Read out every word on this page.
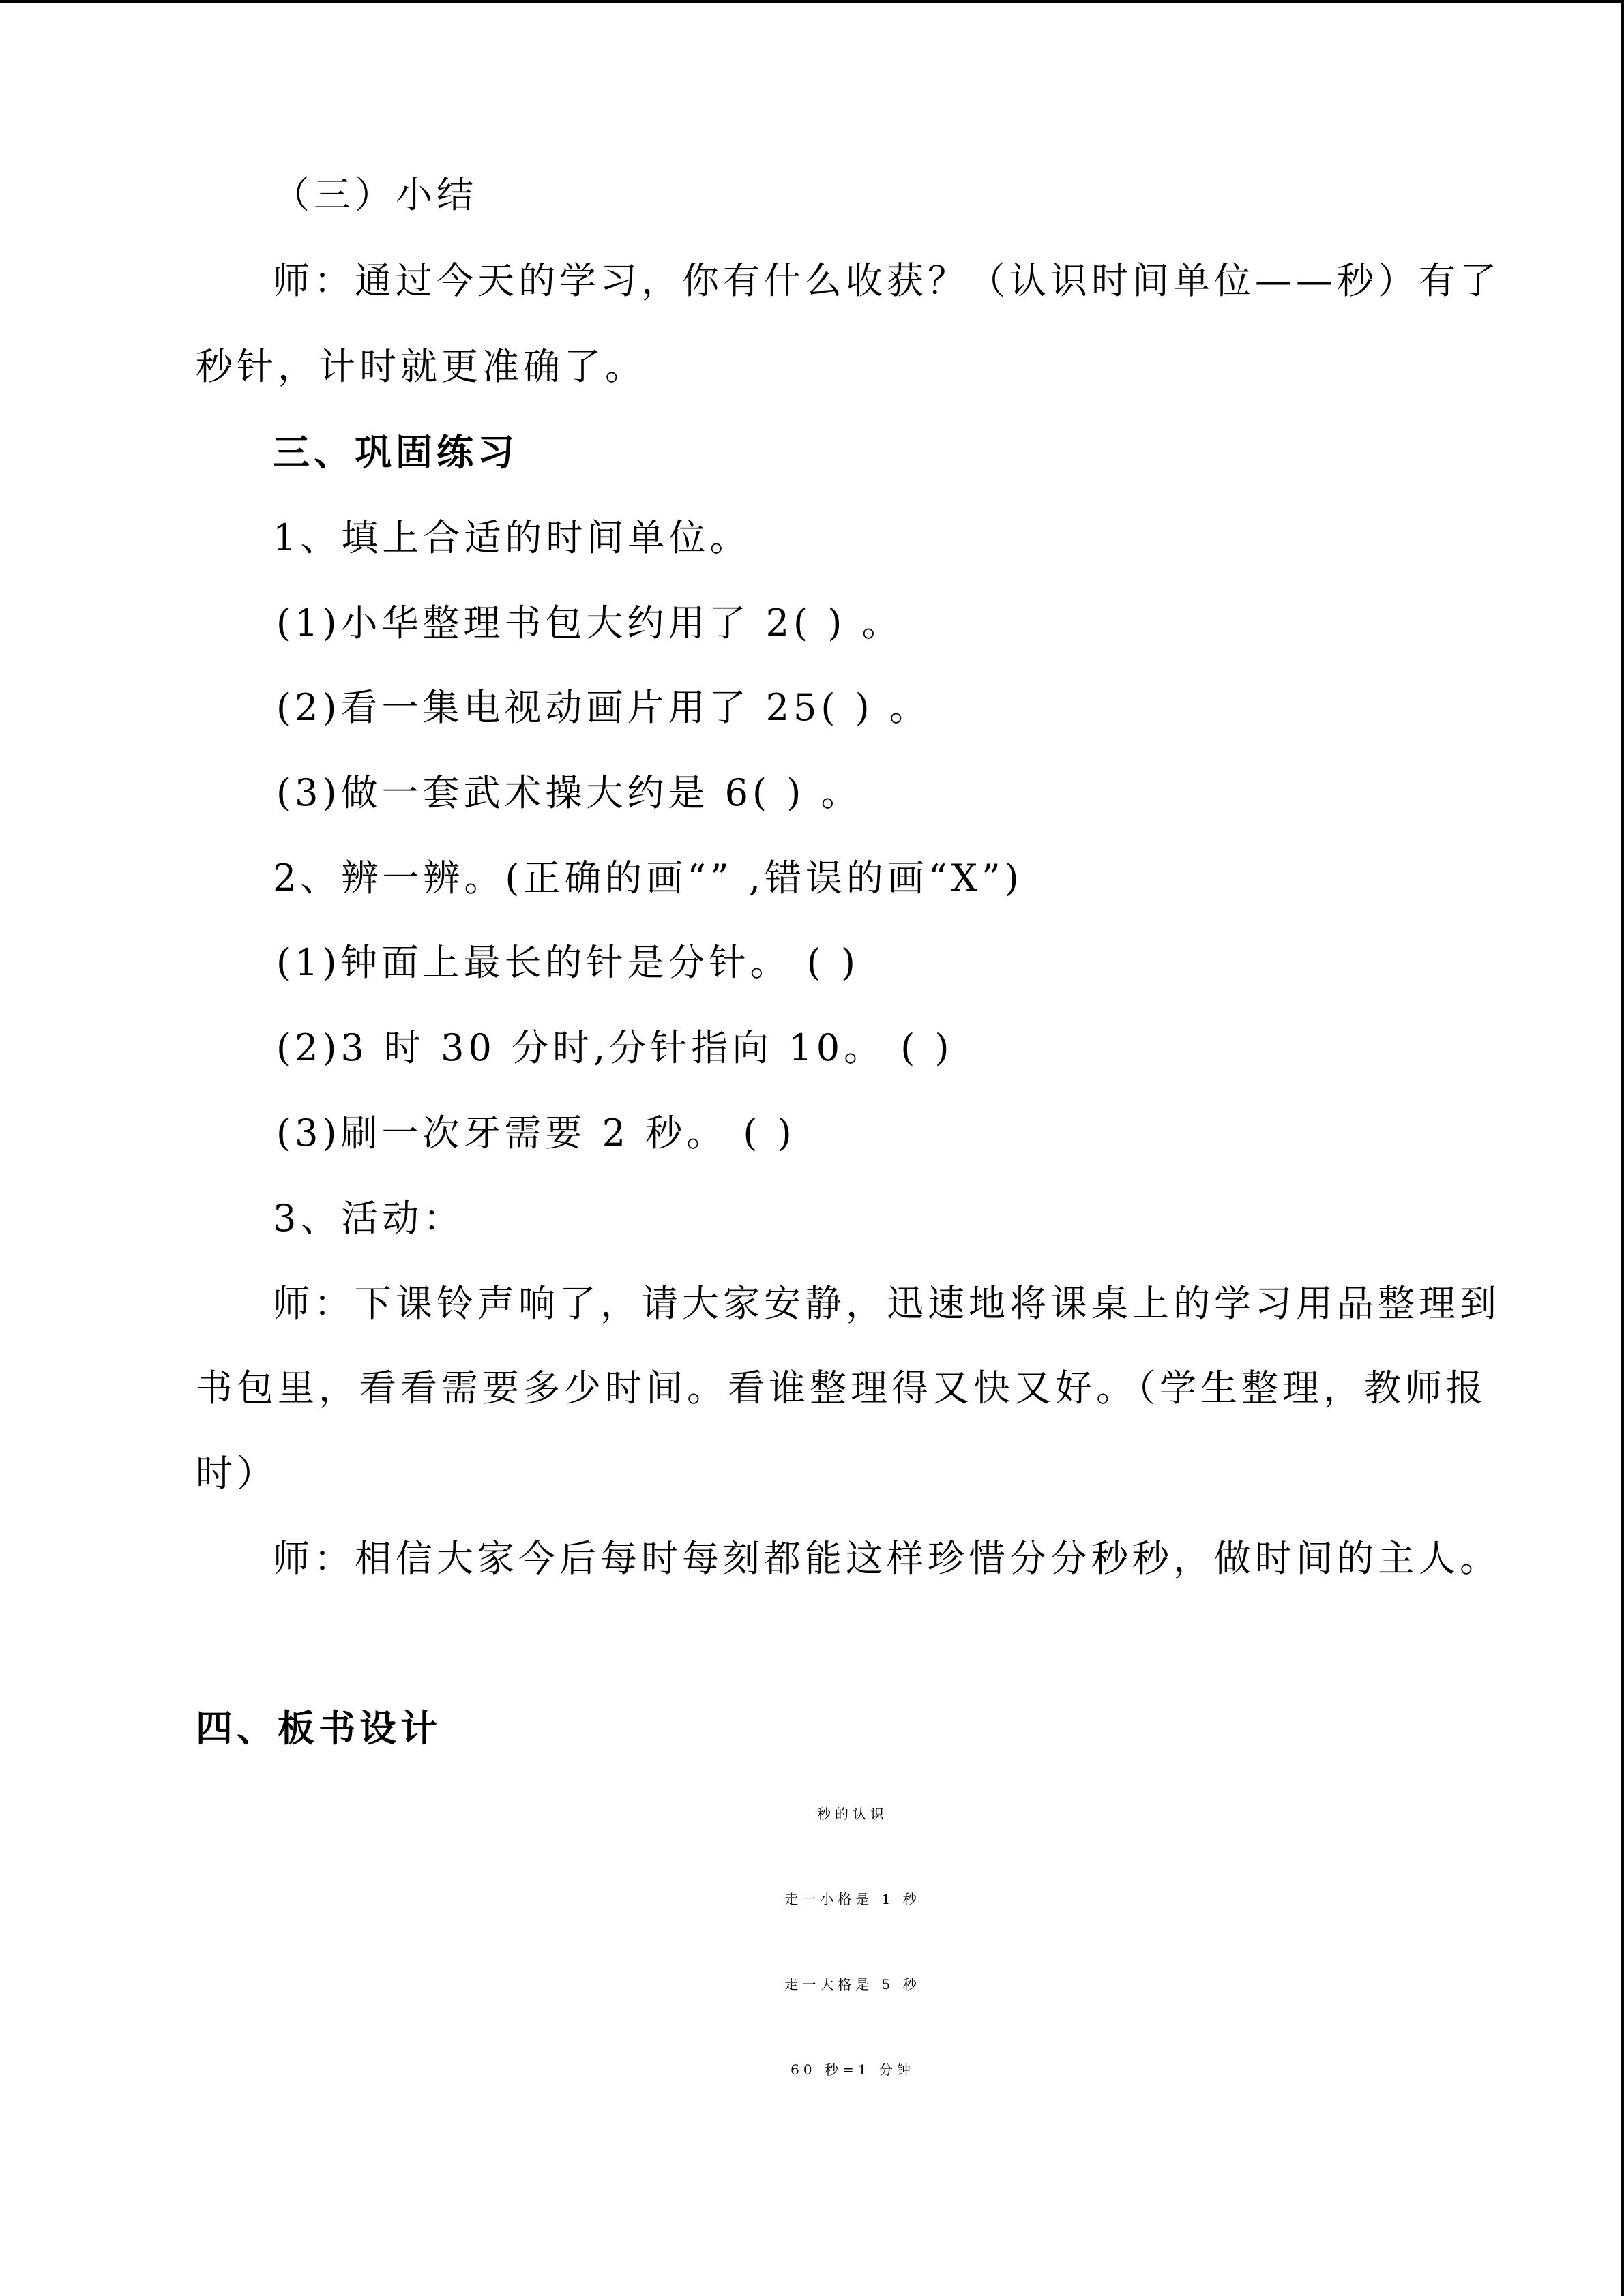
（三）小结
师：通过今天的学习，你有什么收获？（认识时间单位——秒）有了
秒针，计时就更准确了。
三、巩固练习
1、填上合适的时间单位。
(1)小华整理书包大约用了 2( ) 。
(2)看一集电视动画片用了 25( ) 。
(3)做一套武术操大约是 6( ) 。
2、辨一辨。(正确的画“” ,错误的画“X”)
(1)钟面上最长的针是分针。 ( )
(2)3 时 30 分时,分针指向 10。 ( )
(3)刷一次牙需要 2 秒。 ( )
3、活动：
师：下课铃声响了，请大家安静，迅速地将课桌上的学习用品整理到
书包里，看看需要多少时间。看谁整理得又快又好。（学生整理，教师报
时）
师：相信大家今后每时每刻都能这样珍惜分分秒秒，做时间的主人。
四、板书设计
秒的认识
走一小格是 1 秒
走一大格是 5 秒
60 秒=1 分钟
